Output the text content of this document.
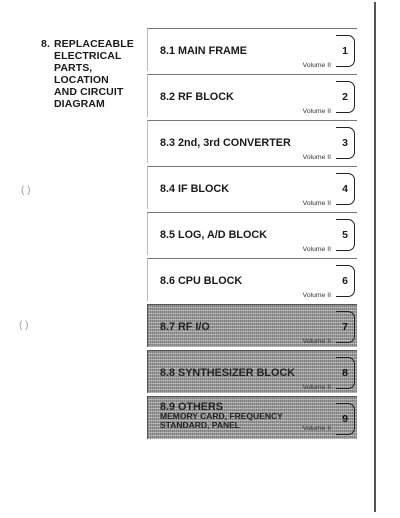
8. REPLACEABLE
ELECTRICAL
PARTS,
LOCATION
AND CIRCUIT
DIAGRAM
8.1 MAIN FRAME
Volume II
1
8.2 RF BLOCK
Volume II
2
8.3 2nd, 3rd CONVERTER
Volume II
3
8.4 IF BLOCK
Volume II
4
8.5 LOG, A/D BLOCK
Volume II
5
8.6 CPU BLOCK
Volume II
6
8.7 RF I/O
Volume II
7
8.8 SYNTHESIZER BLOCK
Volume II
8
8.9 OTHERS
MEMORY CARD, FREQUENCY
STANDARD, PANEL	Volume II
9
( )
( )
